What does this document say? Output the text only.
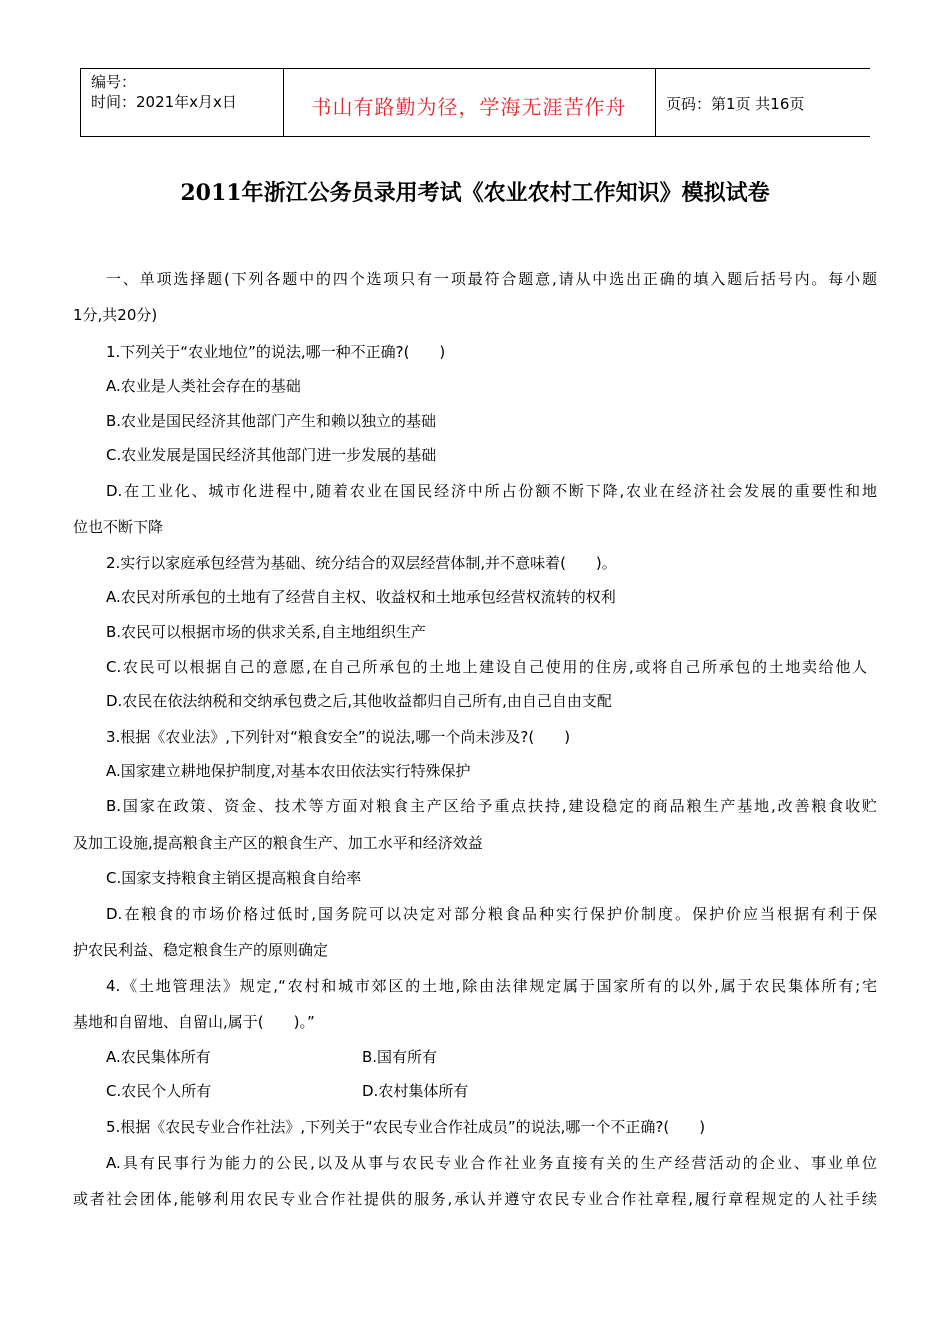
编号：
时间：2021年x月x日	书山有路勤为径，学海无涯苦作舟	页码：第1页 共16页
2011年浙江公务员录用考试《农业农村工作知识》模拟试卷
一、单项选择题(下列各题中的四个选项只有一项最符合题意,请从中选出正确的填入题后括号内。每小题
1分,共20分)
1.下列关于“农业地位”的说法,哪一种不正确?(　　)
A.农业是人类社会存在的基础
B.农业是国民经济其他部门产生和赖以独立的基础
C.农业发展是国民经济其他部门进一步发展的基础
D.在工业化、城市化进程中,随着农业在国民经济中所占份额不断下降,农业在经济社会发展的重要性和地
位也不断下降
2.实行以家庭承包经营为基础、统分结合的双层经营体制,并不意味着(　　)。
A.农民对所承包的土地有了经营自主权、收益权和土地承包经营权流转的权利
B.农民可以根据市场的供求关系,自主地组织生产
C.农民可以根据自己的意愿,在自己所承包的土地上建设自己使用的住房,或将自己所承包的土地卖给他人
D.农民在依法纳税和交纳承包费之后,其他收益都归自己所有,由自己自由支配
3.根据《农业法》,下列针对“粮食安全”的说法,哪一个尚未涉及?(　　)
A.国家建立耕地保护制度,对基本农田依法实行特殊保护
B.国家在政策、资金、技术等方面对粮食主产区给予重点扶持,建设稳定的商品粮生产基地,改善粮食收贮
及加工设施,提高粮食主产区的粮食生产、加工水平和经济效益
C.国家支持粮食主销区提高粮食自给率
D.在粮食的市场价格过低时,国务院可以决定对部分粮食品种实行保护价制度。保护价应当根据有利于保
护农民利益、稳定粮食生产的原则确定
4.《土地管理法》规定,“农村和城市郊区的土地,除由法律规定属于国家所有的以外,属于农民集体所有;宅
基地和自留地、自留山,属于(　　)。”
A.农民集体所有	B.国有所有
C.农民个人所有	D.农村集体所有
5.根据《农民专业合作社法》,下列关于“农民专业合作社成员”的说法,哪一个不正确?(　　)
A.具有民事行为能力的公民,以及从事与农民专业合作社业务直接有关的生产经营活动的企业、事业单位
或者社会团体,能够利用农民专业合作社提供的服务,承认并遵守农民专业合作社章程,履行章程规定的人社手续
